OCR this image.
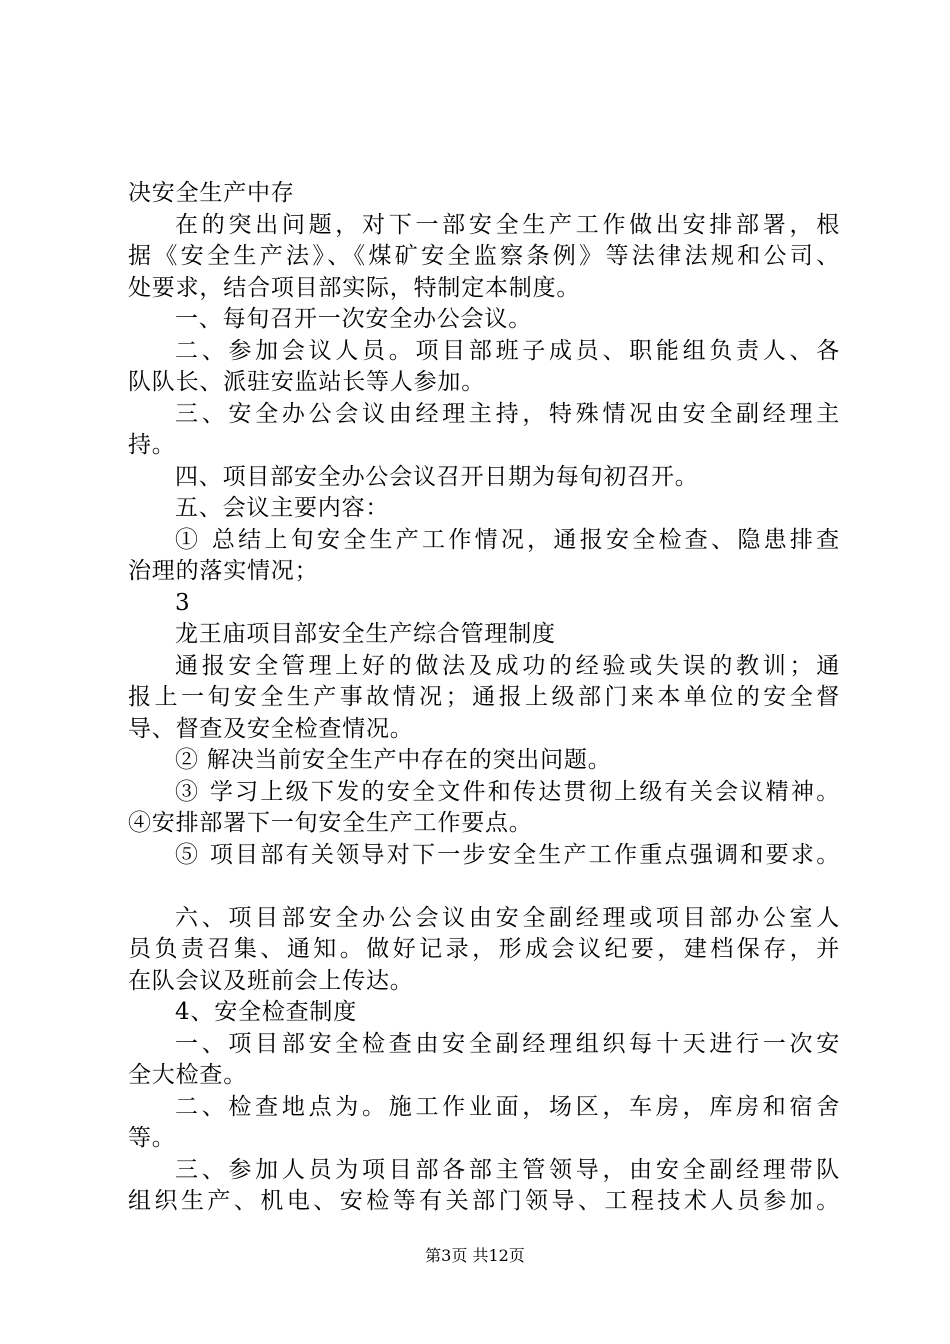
决安全生产中存
在的突出问题，对下一部安全生产工作做出安排部署，根
据《安全生产法》、《煤矿安全监察条例》等法律法规和公司、
处要求，结合项目部实际，特制定本制度。
一、每旬召开一次安全办公会议。
二、参加会议人员。项目部班子成员、职能组负责人、各
队队长、派驻安监站长等人参加。
三、安全办公会议由经理主持，特殊情况由安全副经理主
持。
四、项目部安全办公会议召开日期为每旬初召开。
五、会议主要内容：
① 总结上旬安全生产工作情况，通报安全检查、隐患排查
治理的落实情况；
3
龙王庙项目部安全生产综合管理制度
通报安全管理上好的做法及成功的经验或失误的教训；通
报上一旬安全生产事故情况；通报上级部门来本单位的安全督
导、督查及安全检查情况。
② 解决当前安全生产中存在的突出问题。
③ 学习上级下发的安全文件和传达贯彻上级有关会议精神。
④安排部署下一旬安全生产工作要点。
⑤ 项目部有关领导对下一步安全生产工作重点强调和要求。
六、项目部安全办公会议由安全副经理或项目部办公室人
员负责召集、通知。做好记录，形成会议纪要，建档保存，并
在队会议及班前会上传达。
4、安全检查制度
一、项目部安全检查由安全副经理组织每十天进行一次安
全大检查。
二、检查地点为。施工作业面，场区，车房，库房和宿舍
等。
三、参加人员为项目部各部主管领导，由安全副经理带队
组织生产、机电、安检等有关部门领导、工程技术人员参加。
第3页 共12页
